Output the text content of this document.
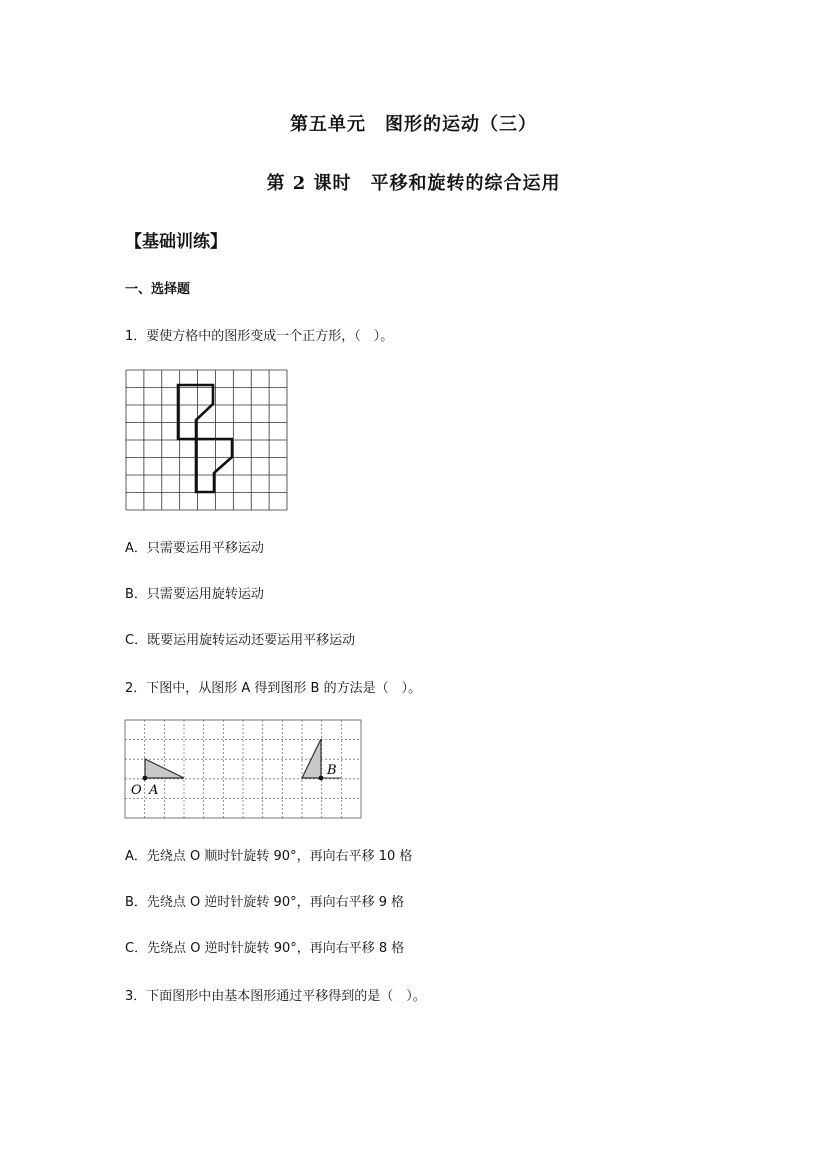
第五单元　图形的运动（三）
第 2 课时　平移和旋转的综合运用
【基础训练】
一、选择题
1．要使方格中的图形变成一个正方形，（　）。
A．只需要运用平移运动
B．只需要运用旋转运动
C．既要运用旋转运动还要运用平移运动
2．下图中，从图形 A 得到图形 B 的方法是（　）。
O A
B
A．先绕点 O 顺时针旋转 90°，再向右平移 10 格
B．先绕点 O 逆时针旋转 90°，再向右平移 9 格
C．先绕点 O 逆时针旋转 90°，再向右平移 8 格
3．下面图形中由基本图形通过平移得到的是（　）。
